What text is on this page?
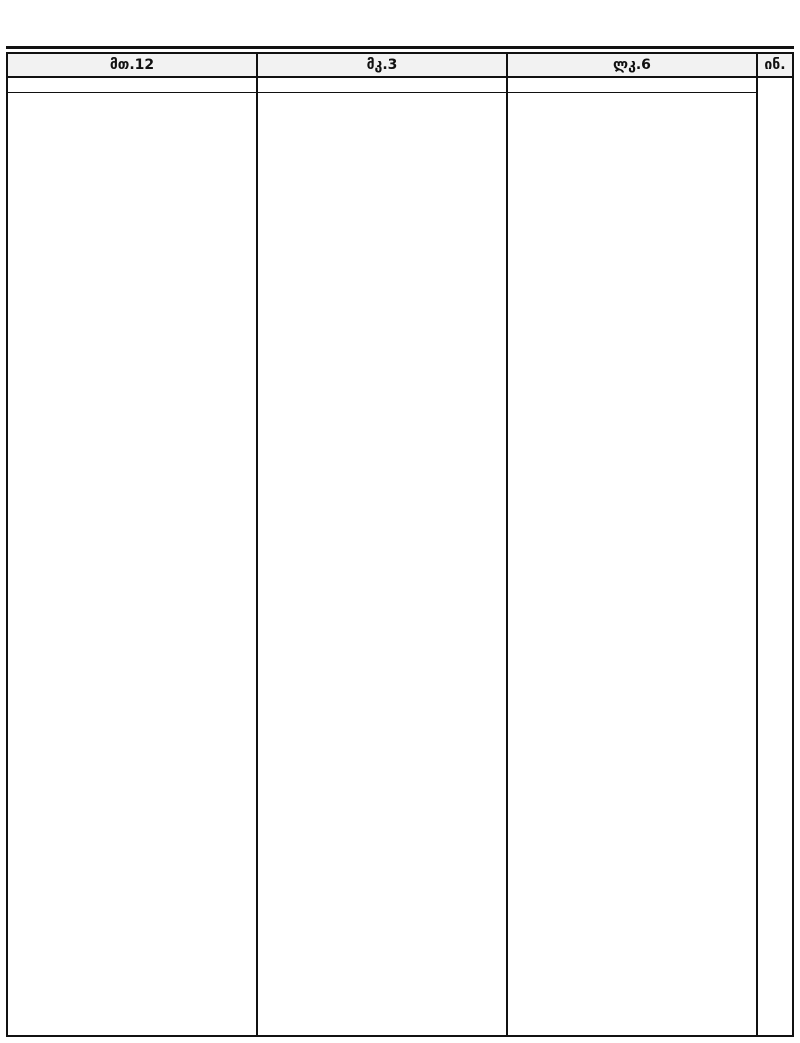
მთ.12	მკ.3	ლკ.6	ინ.
